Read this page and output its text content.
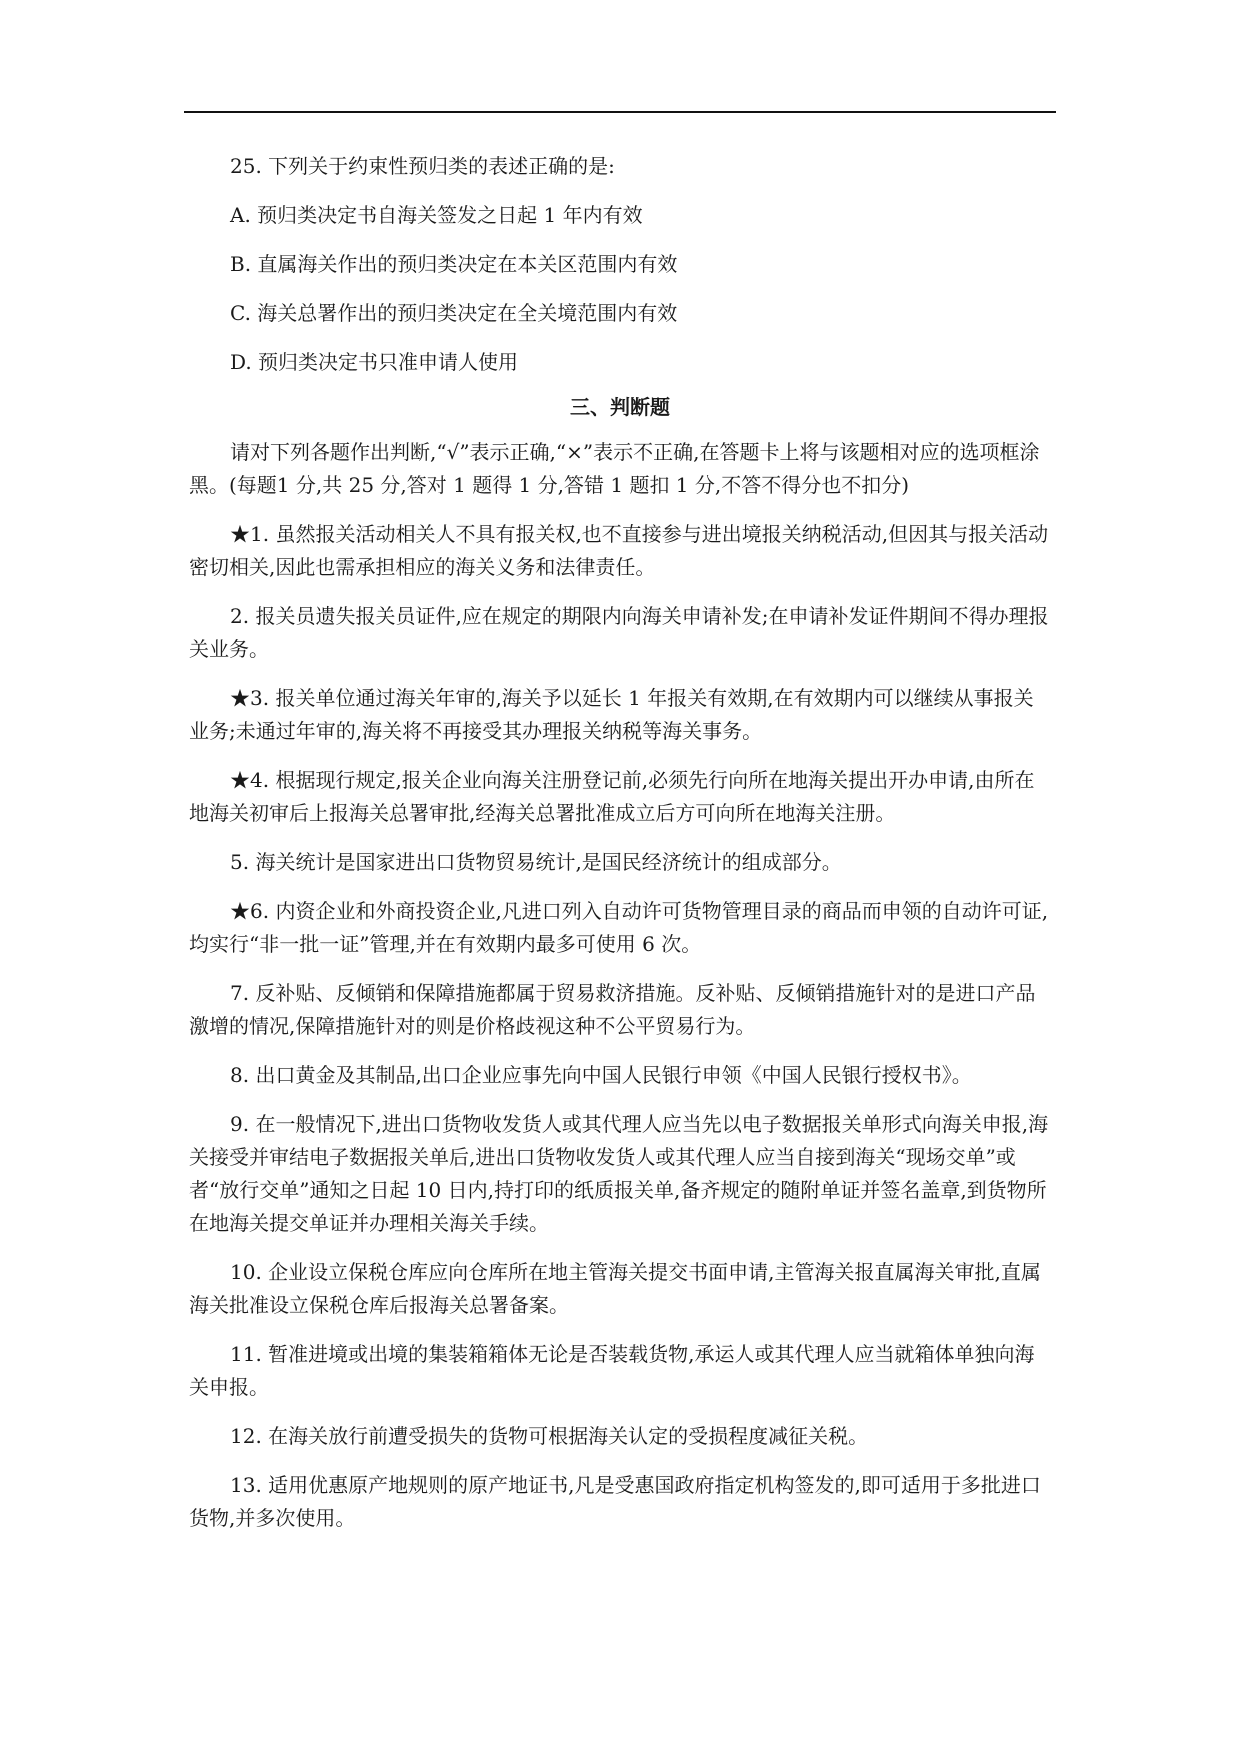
25. 下列关于约束性预归类的表述正确的是:

A. 预归类决定书自海关签发之日起 1 年内有效

B. 直属海关作出的预归类决定在本关区范围内有效

C. 海关总署作出的预归类决定在全关境范围内有效

D. 预归类决定书只准申请人使用

三、判断题

请对下列各题作出判断,“√”表示正确,“×”表示不正确,在答题卡上将与该题相对应的选项框涂黑。(每题1 分,共 25 分,答对 1 题得 1 分,答错 1 题扣 1 分,不答不得分也不扣分)

★1. 虽然报关活动相关人不具有报关权,也不直接参与进出境报关纳税活动,但因其与报关活动密切相关,因此也需承担相应的海关义务和法律责任。

2. 报关员遗失报关员证件,应在规定的期限内向海关申请补发;在申请补发证件期间不得办理报关业务。

★3. 报关单位通过海关年审的,海关予以延长 1 年报关有效期,在有效期内可以继续从事报关业务;未通过年审的,海关将不再接受其办理报关纳税等海关事务。

★4. 根据现行规定,报关企业向海关注册登记前,必须先行向所在地海关提出开办申请,由所在地海关初审后上报海关总署审批,经海关总署批准成立后方可向所在地海关注册。

5. 海关统计是国家进出口货物贸易统计,是国民经济统计的组成部分。

★6. 内资企业和外商投资企业,凡进口列入自动许可货物管理目录的商品而申领的自动许可证,均实行“非一批一证”管理,并在有效期内最多可使用 6 次。

7. 反补贴、反倾销和保障措施都属于贸易救济措施。反补贴、反倾销措施针对的是进口产品激增的情况,保障措施针对的则是价格歧视这种不公平贸易行为。

8. 出口黄金及其制品,出口企业应事先向中国人民银行申领《中国人民银行授权书》。

9. 在一般情况下,进出口货物收发货人或其代理人应当先以电子数据报关单形式向海关申报,海关接受并审结电子数据报关单后,进出口货物收发货人或其代理人应当自接到海关“现场交单”或者“放行交单”通知之日起 10 日内,持打印的纸质报关单,备齐规定的随附单证并签名盖章,到货物所在地海关提交单证并办理相关海关手续。

10. 企业设立保税仓库应向仓库所在地主管海关提交书面申请,主管海关报直属海关审批,直属海关批准设立保税仓库后报海关总署备案。

11. 暂准进境或出境的集装箱箱体无论是否装载货物,承运人或其代理人应当就箱体单独向海关申报。

12. 在海关放行前遭受损失的货物可根据海关认定的受损程度减征关税。

13. 适用优惠原产地规则的原产地证书,凡是受惠国政府指定机构签发的,即可适用于多批进口货物,并多次使用。
